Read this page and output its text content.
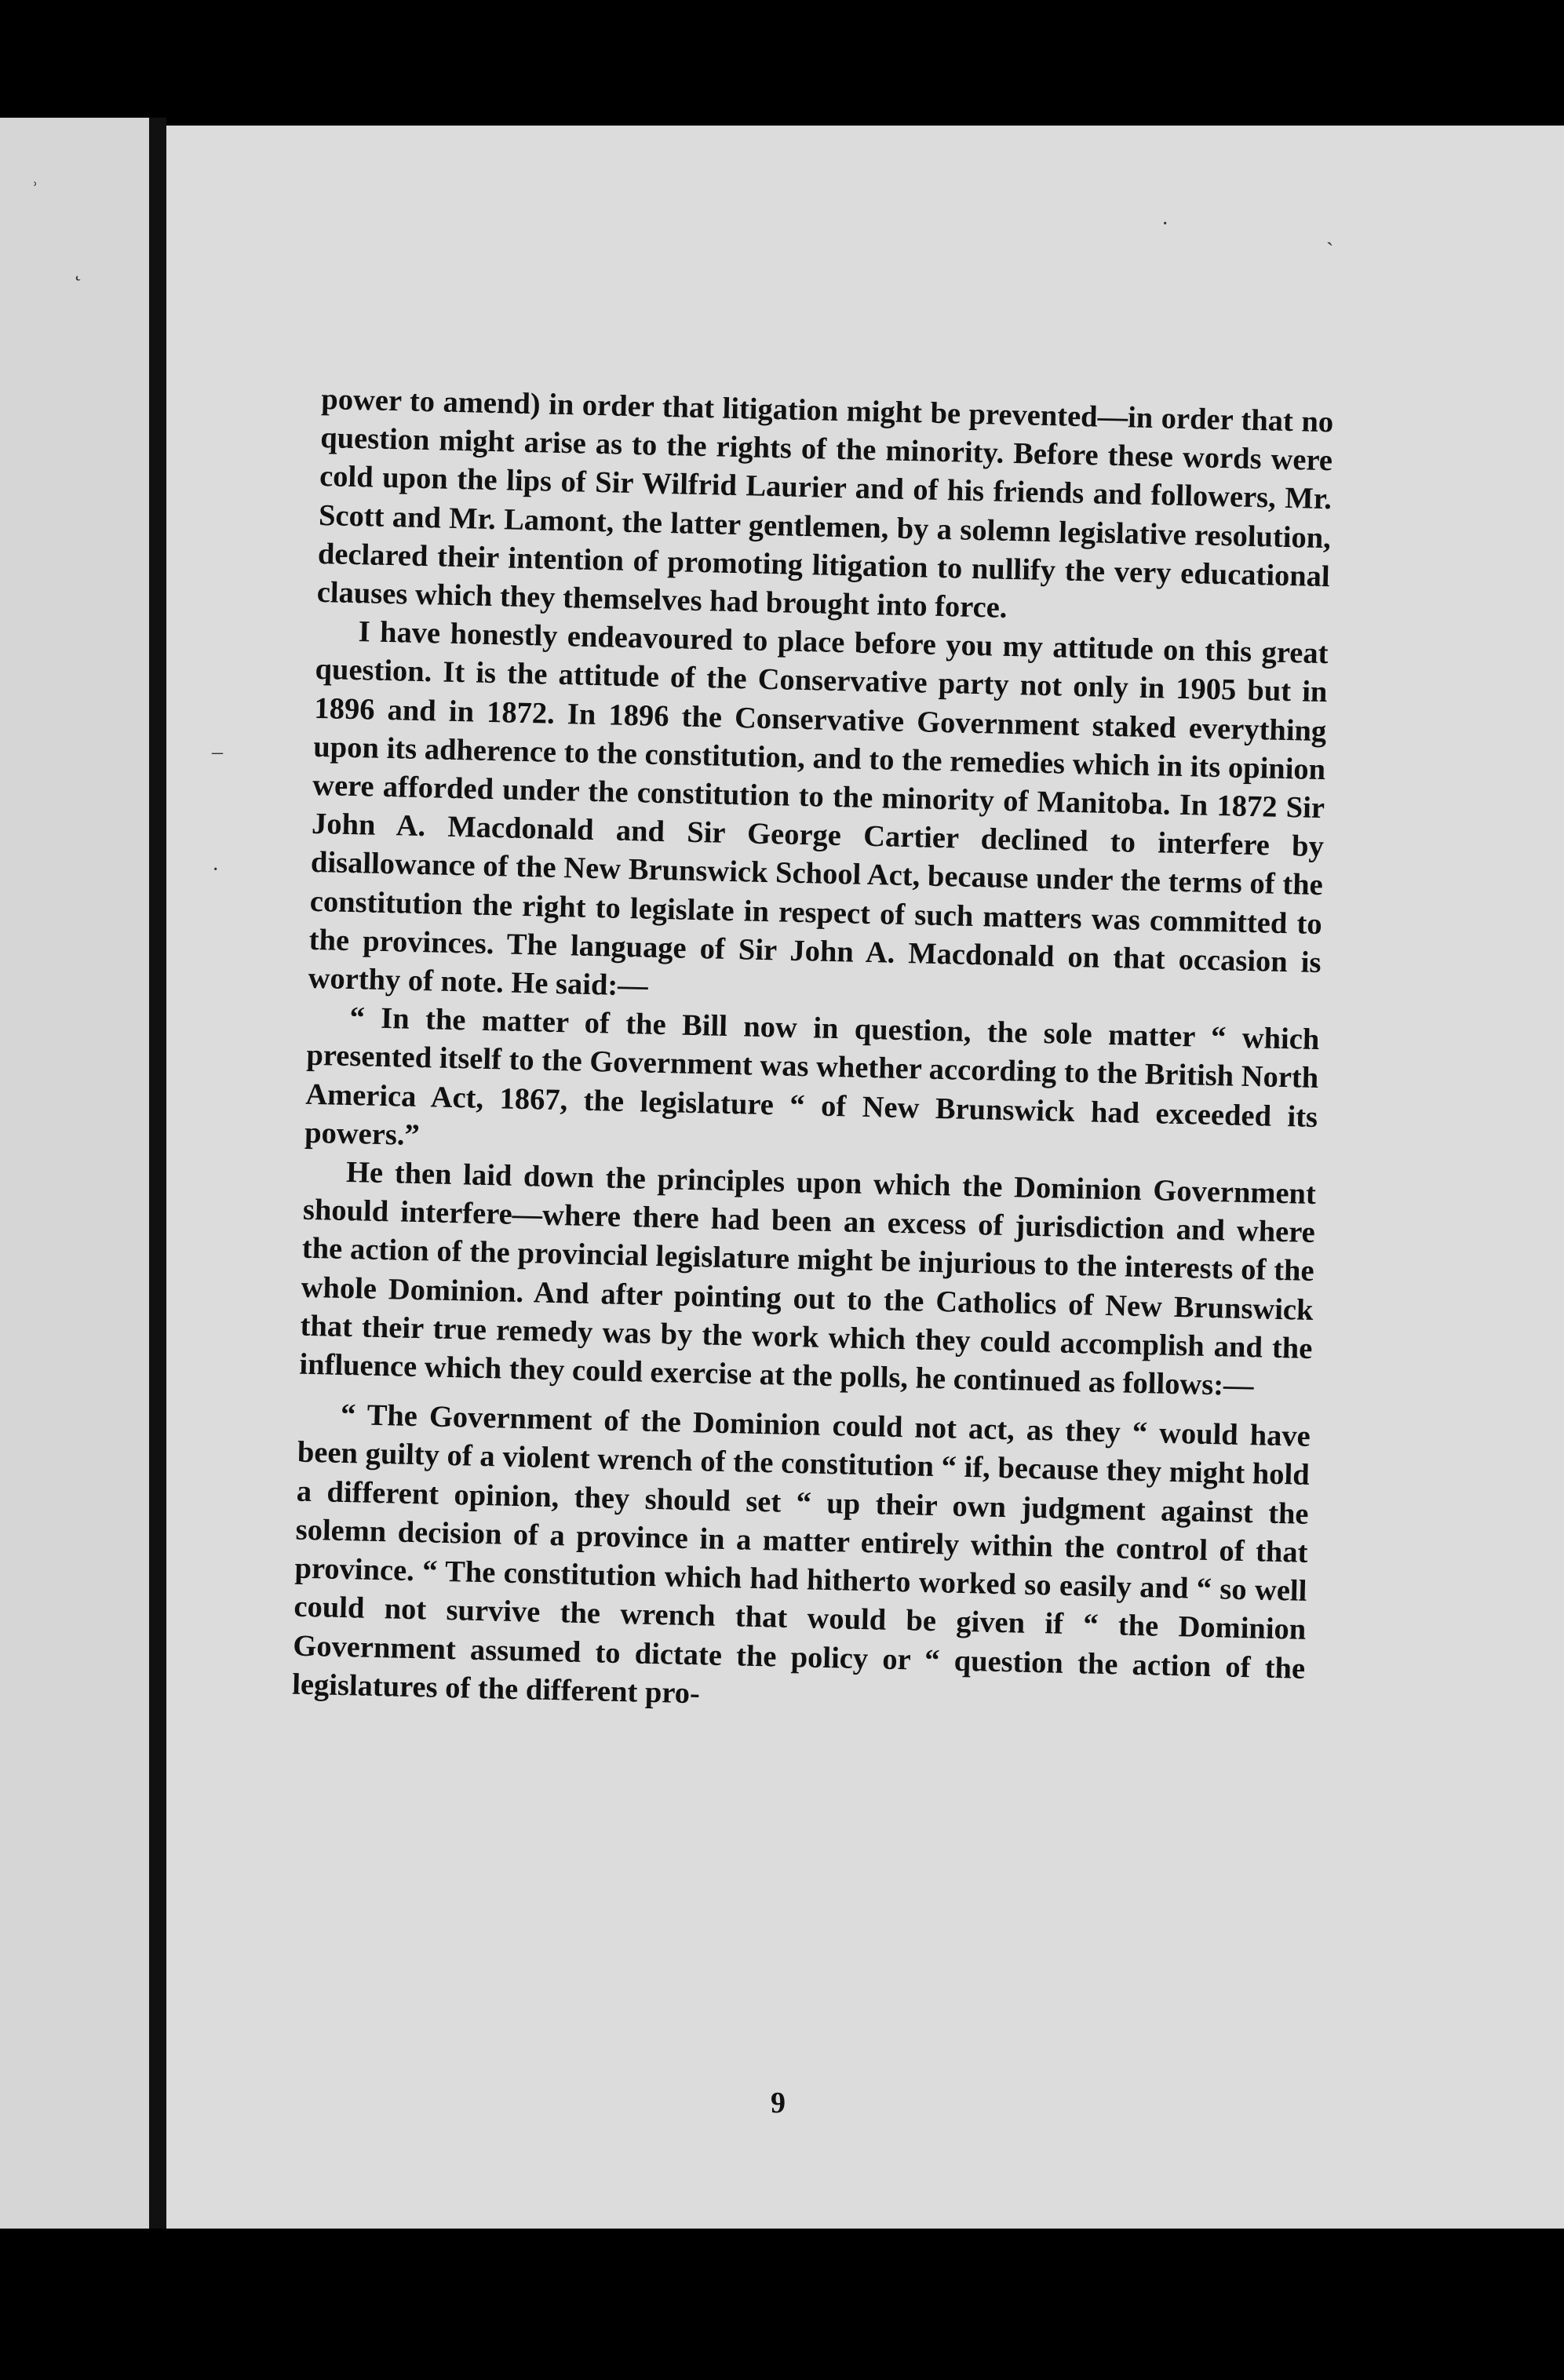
ʾ
˛
ˎ
·
–
·

power to amend) in order that litigation might be prevented—in order that no question might arise as to the rights of the minority. Before these words were cold upon the lips of Sir Wilfrid Laurier and of his friends and followers, Mr. Scott and Mr. Lamont, the latter gentlemen, by a solemn legislative resolution, declared their intention of promoting litigation to nullify the very educational clauses which they themselves had brought into force.

I have honestly endeavoured to place before you my attitude on this great question. It is the attitude of the Conservative party not only in 1905 but in 1896 and in 1872. In 1896 the Conservative Government staked everything upon its adherence to the constitution, and to the remedies which in its opinion were afforded under the constitution to the minority of Manitoba. In 1872 Sir John A. Macdonald and Sir George Cartier declined to interfere by disallowance of the New Brunswick School Act, because under the terms of the constitution the right to legislate in respect of such matters was committed to the provinces. The language of Sir John A. Macdonald on that occasion is worthy of note. He said:—

“ In the matter of the Bill now in question, the sole matter “ which presented itself to the Government was whether according to the British North America Act, 1867, the legislature “ of New Brunswick had exceeded its powers.”

He then laid down the principles upon which the Dominion Government should interfere—where there had been an excess of jurisdiction and where the action of the provincial legislature might be injurious to the interests of the whole Dominion. And after pointing out to the Catholics of New Brunswick that their true remedy was by the work which they could accomplish and the influence which they could exercise at the polls, he continued as follows:—

“ The Government of the Dominion could not act, as they “ would have been guilty of a violent wrench of the constitution “ if, because they might hold a different opinion, they should set “ up their own judgment against the solemn decision of a province in a matter entirely within the control of that province. “ The constitution which had hitherto worked so easily and “ so well could not survive the wrench that would be given if “ the Dominion Government assumed to dictate the policy or “ question the action of the legislatures of the different pro-

9
